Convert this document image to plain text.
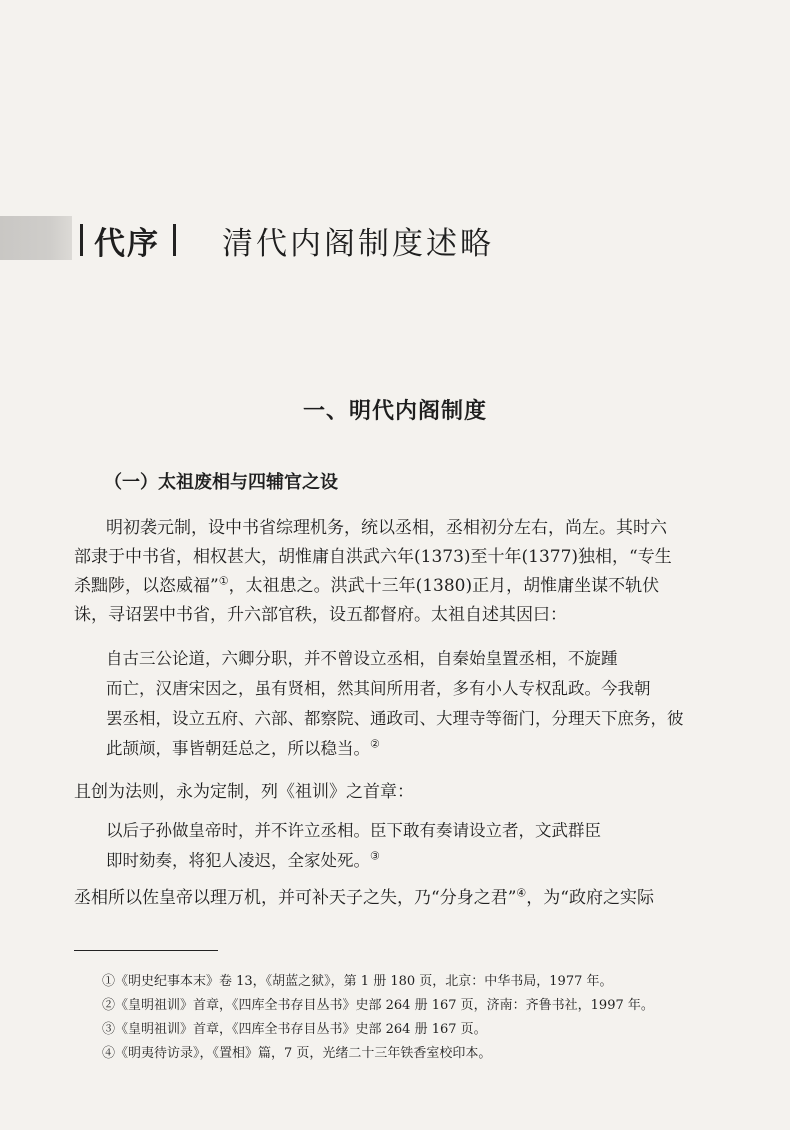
代序 清代内阁制度述略
一、明代内阁制度
（一）太祖废相与四辅官之设
明初袭元制，设中书省综理机务，统以丞相，丞相初分左右，尚左。其时六
部隶于中书省，相权甚大，胡惟庸自洪武六年(1373)至十年(1377)独相，“专生
杀黜陟，以恣威福”①，太祖患之。洪武十三年(1380)正月，胡惟庸坐谋不轨伏
诛，寻诏罢中书省，升六部官秩，设五都督府。太祖自述其因曰：
自古三公论道，六卿分职，并不曾设立丞相，自秦始皇置丞相，不旋踵
而亡，汉唐宋因之，虽有贤相，然其间所用者，多有小人专权乱政。今我朝
罢丞相，设立五府、六部、都察院、通政司、大理寺等衙门，分理天下庶务，彼
此颉颃，事皆朝廷总之，所以稳当。②
且创为法则，永为定制，列《祖训》之首章：
以后子孙做皇帝时，并不许立丞相。臣下敢有奏请设立者，文武群臣
即时劾奏，将犯人凌迟，全家处死。③
丞相所以佐皇帝以理万机，并可补天子之失，乃“分身之君”④，为“政府之实际
①《明史纪事本末》卷 13，《胡蓝之狱》，第 1 册 180 页，北京：中华书局，1977 年。
②《皇明祖训》首章，《四库全书存目丛书》史部 264 册 167 页，济南：齐鲁书社，1997 年。
③《皇明祖训》首章，《四库全书存目丛书》史部 264 册 167 页。
④《明夷待访录》，《置相》篇，7 页，光绪二十三年铁香室校印本。
